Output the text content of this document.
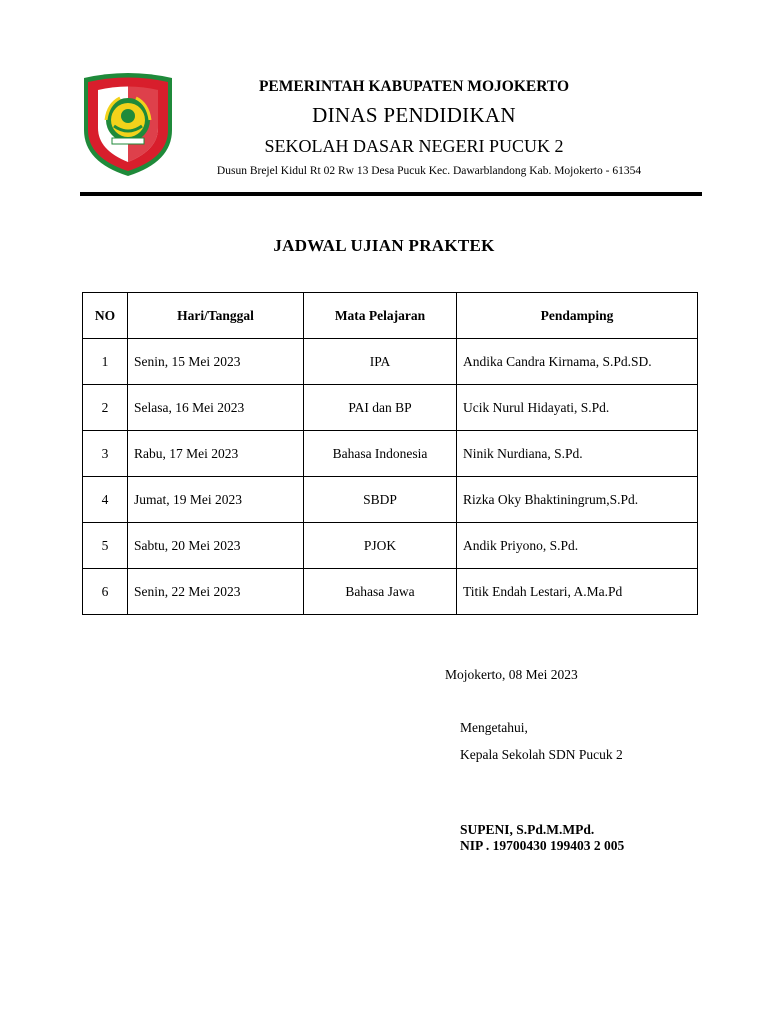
PEMERINTAH KABUPATEN MOJOKERTO
DINAS PENDIDIKAN
SEKOLAH DASAR NEGERI PUCUK 2
Dusun Brejel Kidul Rt 02 Rw 13 Desa Pucuk Kec. Dawarblandong Kab. Mojokerto - 61354
JADWAL UJIAN PRAKTEK
NO	Hari/Tanggal	Mata Pelajaran	Pendamping
1	Senin, 15 Mei 2023	IPA	Andika Candra Kirnama, S.Pd.SD.
2	Selasa, 16 Mei 2023	PAI dan BP	Ucik Nurul Hidayati, S.Pd.
3	Rabu, 17 Mei 2023	Bahasa Indonesia	Ninik Nurdiana, S.Pd.
4	Jumat, 19 Mei 2023	SBDP	Rizka Oky Bhaktiningrum,S.Pd.
5	Sabtu, 20 Mei 2023	PJOK	Andik Priyono, S.Pd.
6	Senin, 22 Mei 2023	Bahasa Jawa	Titik Endah Lestari, A.Ma.Pd
Mojokerto, 08 Mei 2023
Mengetahui,
Kepala Sekolah SDN Pucuk 2
SUPENI, S.Pd.M.MPd.
NIP . 19700430 199403 2 005
